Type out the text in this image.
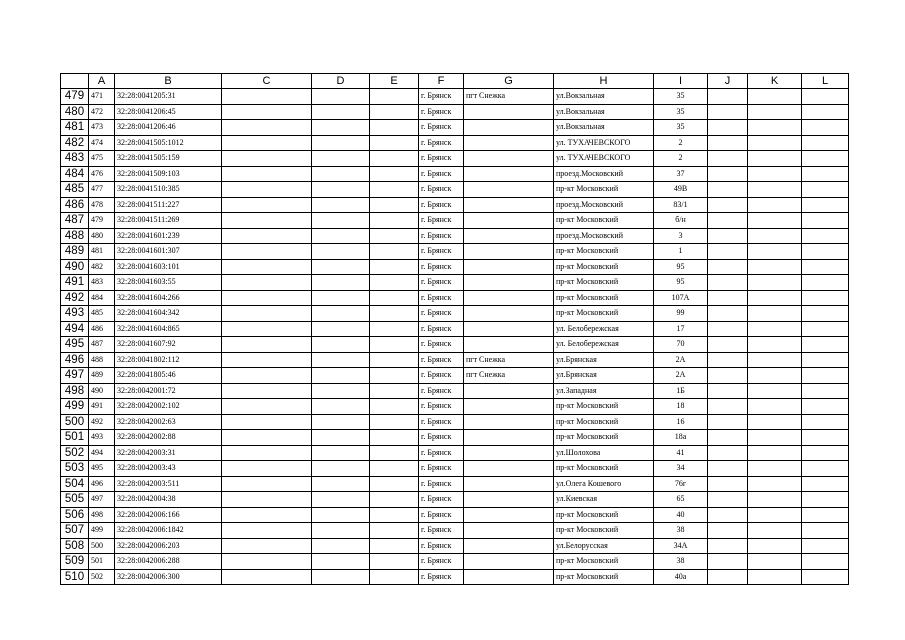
	A	B	C	D	E	F	G	H	I	J	K	L
479	471	32:28:0041205:31				г. Брянск	пгт Снежка	ул.Вокзальная	35			
480	472	32:28:0041206:45				г. Брянск		ул.Вокзальная	35			
481	473	32:28:0041206:46				г. Брянск		ул.Вокзальная	35			
482	474	32:28:0041505:1012				г. Брянск		ул. ТУХАЧЕВСКОГО	2			
483	475	32:28:0041505:159				г. Брянск		ул. ТУХАЧЕВСКОГО	2			
484	476	32:28:0041509:103				г. Брянск		проезд.Московский	37			
485	477	32:28:0041510:385				г. Брянск		пр-кт Московский	49В			
486	478	32:28:0041511:227				г. Брянск		проезд.Московский	83/1			
487	479	32:28:0041511:269				г. Брянск		пр-кт Московский	б/н			
488	480	32:28:0041601:239				г. Брянск		проезд.Московский	3			
489	481	32:28:0041601:307				г. Брянск		пр-кт Московский	1			
490	482	32:28:0041603:101				г. Брянск		пр-кт Московский	95			
491	483	32:28:0041603:55				г. Брянск		пр-кт Московский	95			
492	484	32:28:0041604:266				г. Брянск		пр-кт Московский	107А			
493	485	32:28:0041604:342				г. Брянск		пр-кт Московский	99			
494	486	32:28:0041604:865				г. Брянск		ул. Белобережская	17			
495	487	32:28:0041607:92				г. Брянск		ул. Белобережская	70			
496	488	32:28:0041802:112				г. Брянск	пгт Снежка	ул.Брянская	2А			
497	489	32:28:0041805:46				г. Брянск	пгт Снежка	ул.Брянская	2А			
498	490	32:28:0042001:72				г. Брянск		ул.Западная	1Б			
499	491	32:28:0042002:102				г. Брянск		пр-кт Московский	18			
500	492	32:28:0042002:63				г. Брянск		пр-кт Московский	16			
501	493	32:28:0042002:88				г. Брянск		пр-кт Московский	18а			
502	494	32:28:0042003:31				г. Брянск		ул.Шолохова	41			
503	495	32:28:0042003:43				г. Брянск		пр-кт Московский	34			
504	496	32:28:0042003:511				г. Брянск		ул.Олега Кошевого	76г			
505	497	32:28:0042004:38				г. Брянск		ул.Киевская	65			
506	498	32:28:0042006:166				г. Брянск		пр-кт Московский	40			
507	499	32:28:0042006:1842				г. Брянск		пр-кт Московский	38			
508	500	32:28:0042006:203				г. Брянск		ул.Белорусская	34А			
509	501	32:28:0042006:288				г. Брянск		пр-кт Московский	38			
510	502	32:28:0042006:300				г. Брянск		пр-кт Московский	40а			
